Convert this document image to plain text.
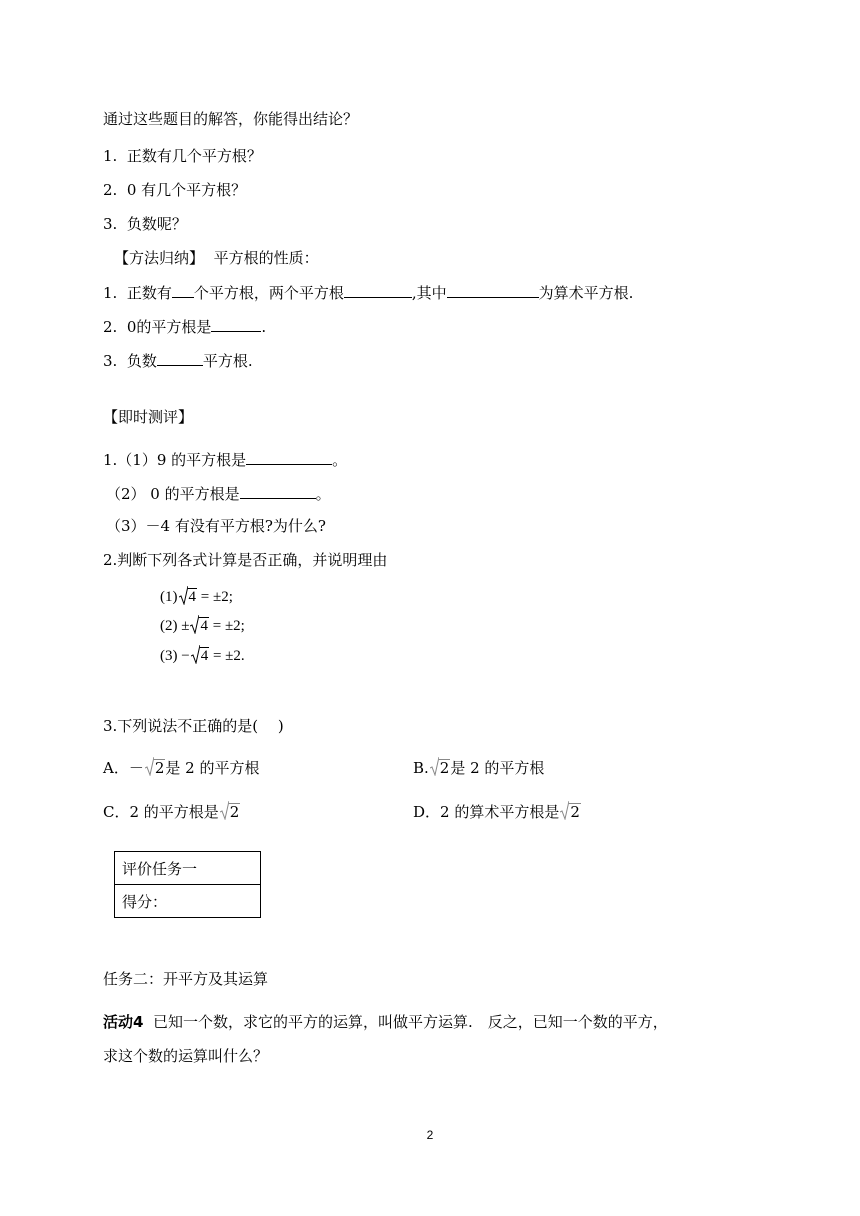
通过这些题目的解答，你能得出结论？
1. 正数有几个平方根？
2. 0 有几个平方根？
3. 负数呢？
【方法归纳】 平方根的性质：
1. 正数有 个平方根，两个平方根	,其中	为算术平方根.
2. 0的平方根是	.
3. 负数	平方根.
【即时测评】
1.（1）9 的平方根是	。
（2） 0 的平方根是	。
（3）－4 有没有平方根?为什么?
2.判断下列各式计算是否正确，并说明理由
(1) 4 = ±2;
(2) ± 4 = ±2;
(3) − 4 = ±2.
3.下列说法不正确的是(　 )
A．－ 2是 2 的平方根	B. 2是 2 的平方根
C．2 的平方根是 2	D．2 的算术平方根是 2
评价任务一
得分：
任务二：开平方及其运算
活动4 已知一个数，求它的平方的运算，叫做平方运算.　反之，已知一个数的平方，
求这个数的运算叫什么？
2
